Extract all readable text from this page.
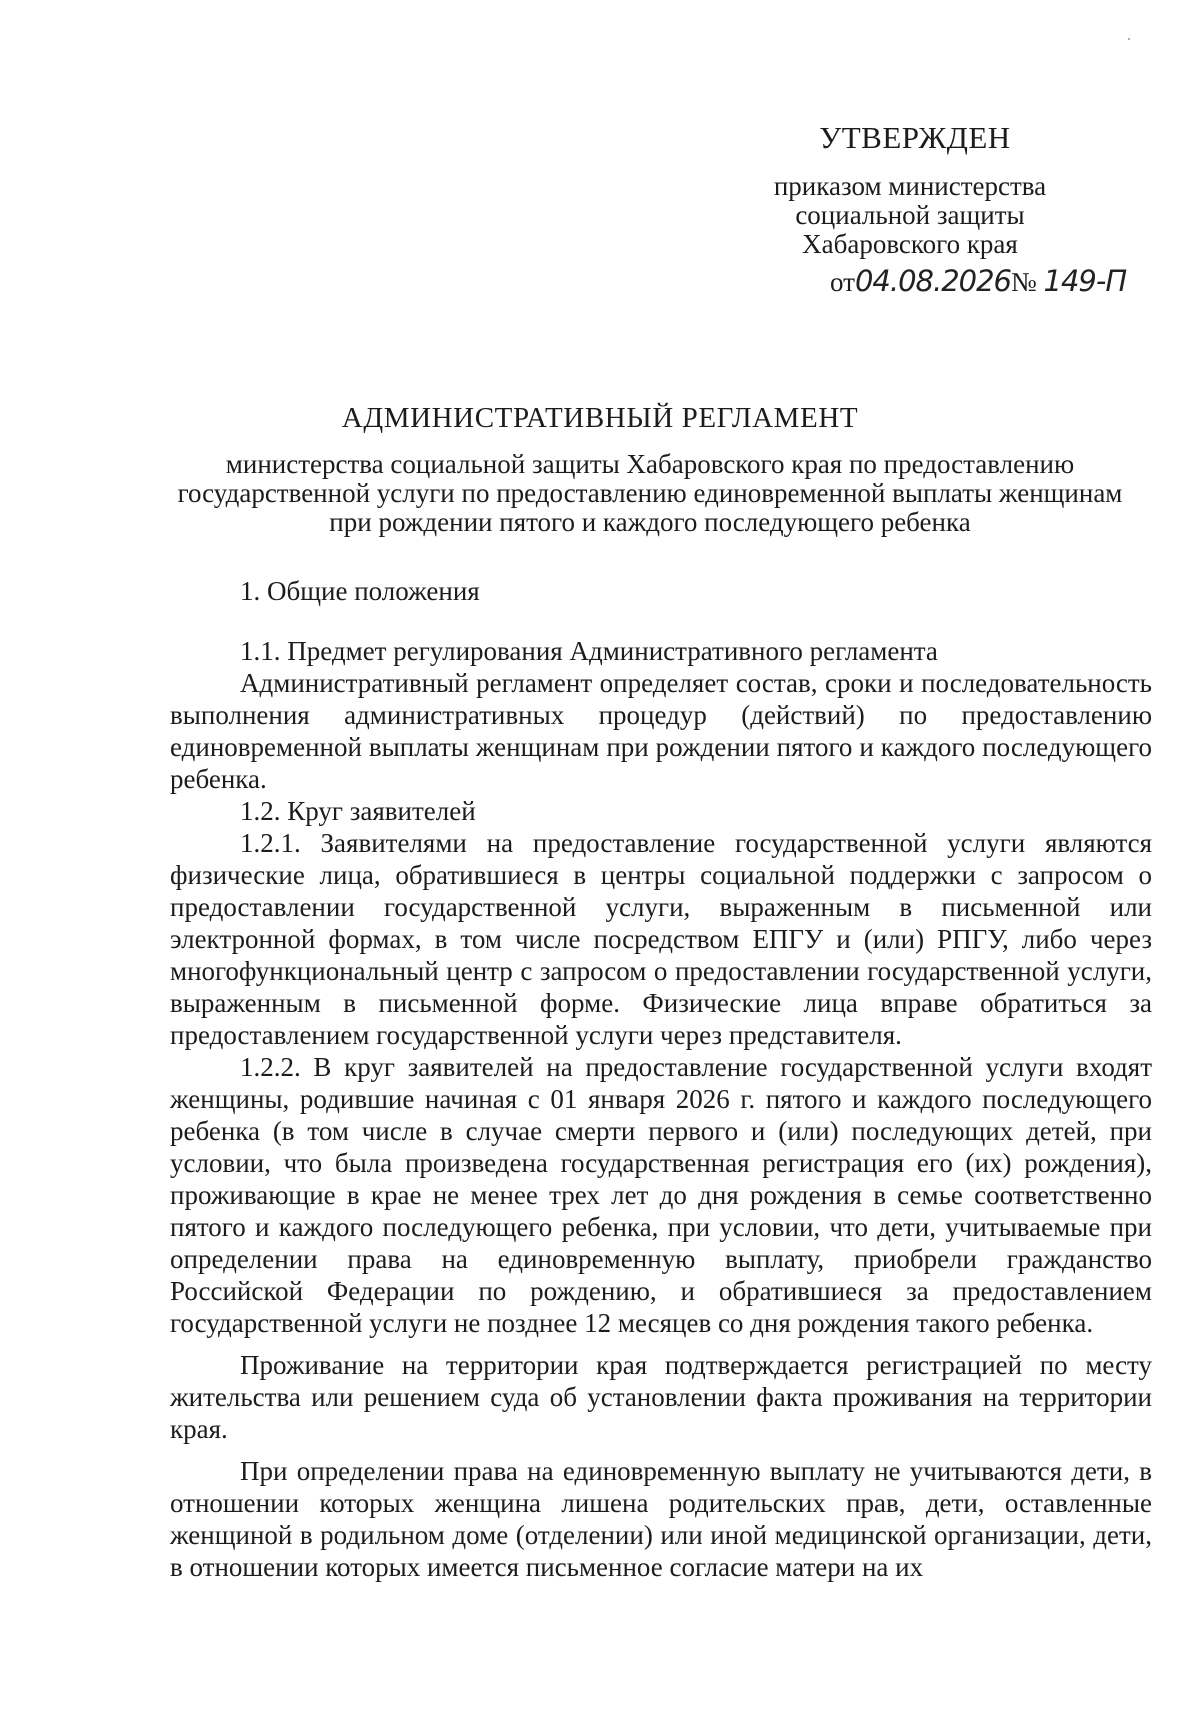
УТВЕРЖДЕН
приказом министерства
социальной защиты
Хабаровского края
от04.08.2026№ 149-П
АДМИНИСТРАТИВНЫЙ РЕГЛАМЕНТ
министерства социальной защиты Хабаровского края по предоставлению государственной услуги по предоставлению единовременной выплаты женщинам при рождении пятого и каждого последующего ребенка

1. Общие положения

1.1. Предмет регулирования Административного регламента

Административный регламент определяет состав, сроки и последовательность выполнения административных процедур (действий) по предоставлению единовременной выплаты женщинам при рождении пятого и каждого последующего ребенка.

1.2. Круг заявителей

1.2.1. Заявителями на предоставление государственной услуги являются физические лица, обратившиеся в центры социальной поддержки с запросом о предоставлении государственной услуги, выраженным в письменной или электронной формах, в том числе посредством ЕПГУ и (или) РПГУ, либо через многофункциональный центр с запросом о предоставлении государственной услуги, выраженным в письменной форме. Физические лица вправе обратиться за предоставлением государственной услуги через представителя.

1.2.2. В круг заявителей на предоставление государственной услуги входят женщины, родившие начиная с 01 января 2026 г. пятого и каждого последующего ребенка (в том числе в случае смерти первого и (или) последующих детей, при условии, что была произведена государственная регистрация его (их) рождения), проживающие в крае не менее трех лет до дня рождения в семье соответственно пятого и каждого последующего ребенка, при условии, что дети, учитываемые при определении права на единовременную выплату, приобрели гражданство Российской Федерации по рождению, и обратившиеся за предоставлением государственной услуги не позднее 12 месяцев со дня рождения такого ребенка.

Проживание на территории края подтверждается регистрацией по месту жительства или решением суда об установлении факта проживания на территории края.

При определении права на единовременную выплату не учитываются дети, в отношении которых женщина лишена родительских прав, дети, оставленные женщиной в родильном доме (отделении) или иной медицинской организации, дети, в отношении которых имеется письменное согласие матери на их
